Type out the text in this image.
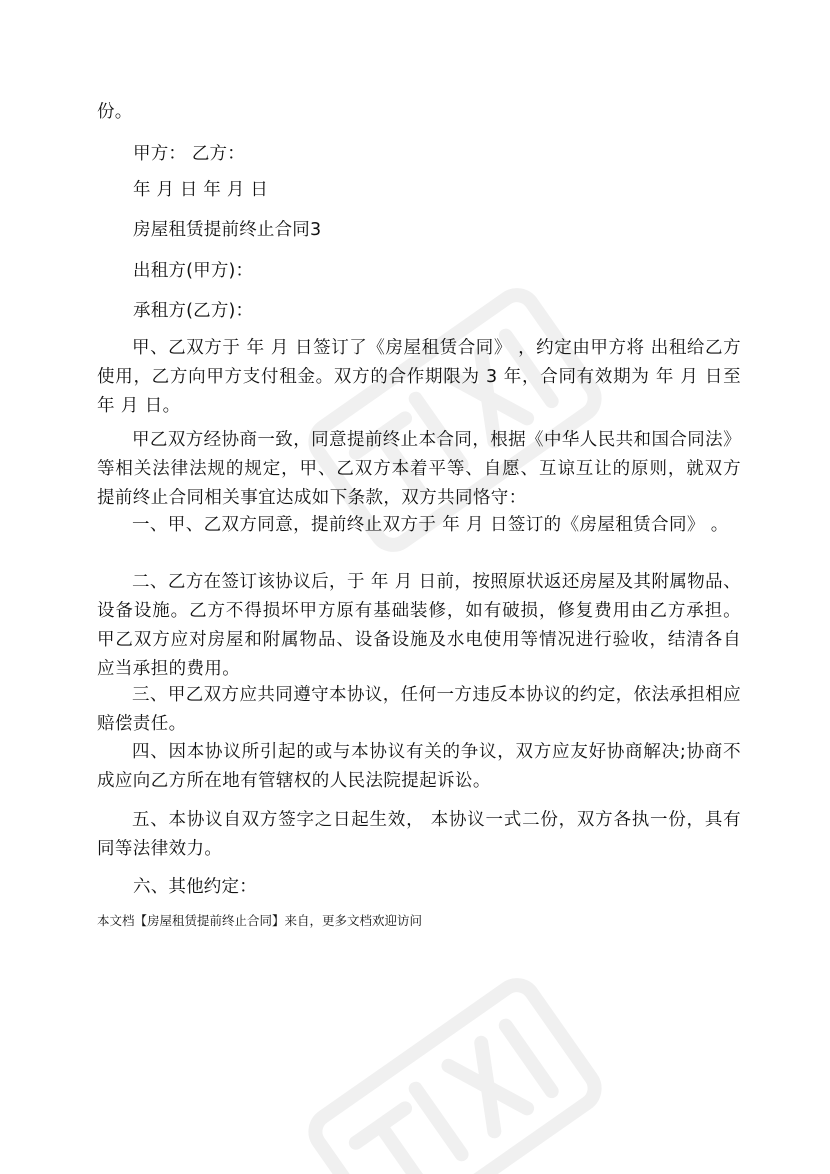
份。
甲方： 乙方：
年 月 日 年 月 日
房屋租赁提前终止合同3
出租方(甲方)：
承租方(乙方)：
甲、乙双方于 年 月 日签订了《房屋租赁合同》 ，约定由甲方将 出租给乙方使用，乙方向甲方支付租金。双方的合作期限为 3 年，合同有效期为 年 月 日至 年 月 日。
甲乙双方经协商一致，同意提前终止本合同，根据《中华人民共和国合同法》等相关法律法规的规定，甲、乙双方本着平等、自愿、互谅互让的原则，就双方提前终止合同相关事宜达成如下条款，双方共同恪守：
一、甲、乙双方同意，提前终止双方于 年 月 日签订的《房屋租赁合同》 。
二、乙方在签订该协议后，于 年 月 日前，按照原状返还房屋及其附属物品、设备设施。乙方不得损坏甲方原有基础装修，如有破损，修复费用由乙方承担。甲乙双方应对房屋和附属物品、设备设施及水电使用等情况进行验收，结清各自应当承担的费用。
三、甲乙双方应共同遵守本协议，任何一方违反本协议的约定，依法承担相应赔偿责任。
四、因本协议所引起的或与本协议有关的争议，双方应友好协商解决;协商不成应向乙方所在地有管辖权的人民法院提起诉讼。
五、本协议自双方签字之日起生效， 本协议一式二份，双方各执一份，具有同等法律效力。
六、其他约定：
本文档【房屋租赁提前终止合同】来自，更多文档欢迎访问
